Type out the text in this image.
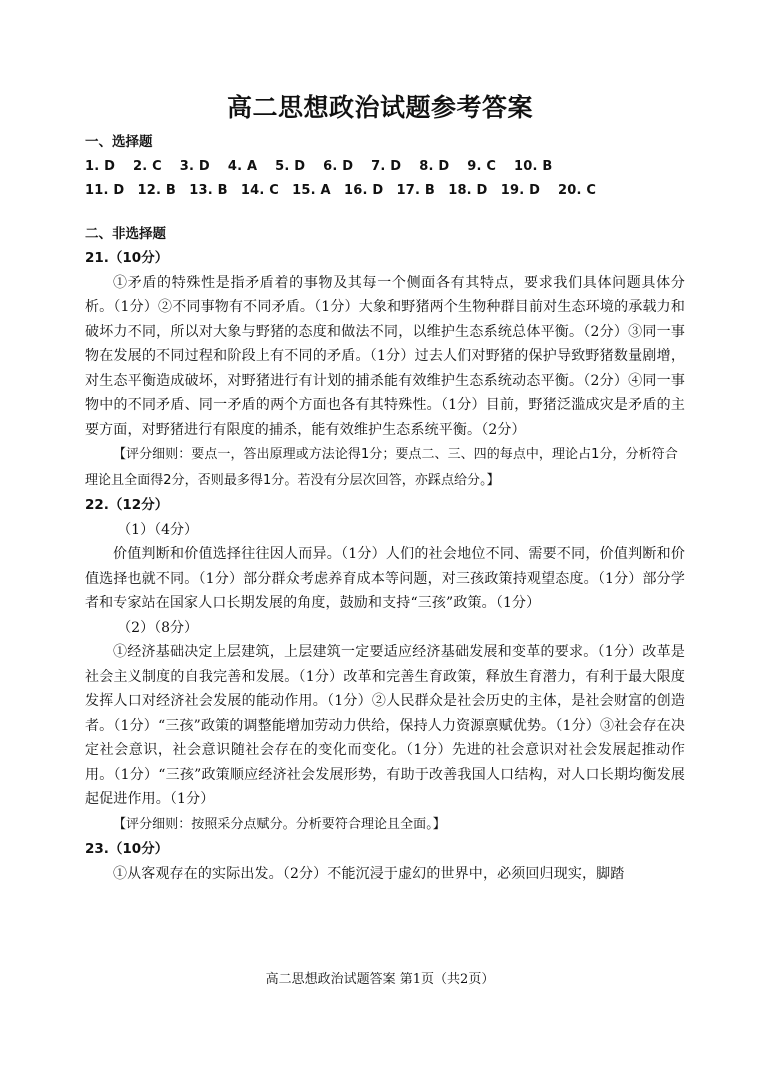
高二思想政治试题参考答案
一、选择题
1. D　 2. C　 3. D　 4. A　 5. D　 6. D　 7. D　 8. D　 9. C　 10. B
11. D　12. B　13. B　14. C　15. A　16. D　17. B　18. D　19. D　 20. C
二、非选择题
21.（10分）
①矛盾的特殊性是指矛盾着的事物及其每一个侧面各有其特点，要求我们具体问题具体分析。（1分）②不同事物有不同矛盾。（1分）大象和野猪两个生物种群目前对生态环境的承载力和破坏力不同，所以对大象与野猪的态度和做法不同，以维护生态系统总体平衡。（2分）③同一事物在发展的不同过程和阶段上有不同的矛盾。（1分）过去人们对野猪的保护导致野猪数量剧增，对生态平衡造成破坏，对野猪进行有计划的捕杀能有效维护生态系统动态平衡。（2分）④同一事物中的不同矛盾、同一矛盾的两个方面也各有其特殊性。（1分）目前，野猪泛滥成灾是矛盾的主要方面，对野猪进行有限度的捕杀，能有效维护生态系统平衡。（2分）
【评分细则：要点一，答出原理或方法论得1分；要点二、三、四的每点中，理论占1分，分析符合理论且全面得2分，否则最多得1分。若没有分层次回答，亦踩点给分。】
22.（12分）
（1）（4分）
价值判断和价值选择往往因人而异。（1分）人们的社会地位不同、需要不同，价值判断和价值选择也就不同。（1分）部分群众考虑养育成本等问题，对三孩政策持观望态度。（1分）部分学者和专家站在国家人口长期发展的角度，鼓励和支持“三孩”政策。（1分）
（2）（8分）
①经济基础决定上层建筑，上层建筑一定要适应经济基础发展和变革的要求。（1分）改革是社会主义制度的自我完善和发展。（1分）改革和完善生育政策，释放生育潜力，有利于最大限度发挥人口对经济社会发展的能动作用。（1分）②人民群众是社会历史的主体，是社会财富的创造者。（1分）“三孩”政策的调整能增加劳动力供给，保持人力资源禀赋优势。（1分）③社会存在决定社会意识，社会意识随社会存在的变化而变化。（1分）先进的社会意识对社会发展起推动作用。（1分）“三孩”政策顺应经济社会发展形势，有助于改善我国人口结构，对人口长期均衡发展起促进作用。（1分）
【评分细则：按照采分点赋分。分析要符合理论且全面。】
23.（10分）
①从客观存在的实际出发。（2分）不能沉浸于虚幻的世界中，必须回归现实，脚踏
高二思想政治试题答案 第1页（共2页）
